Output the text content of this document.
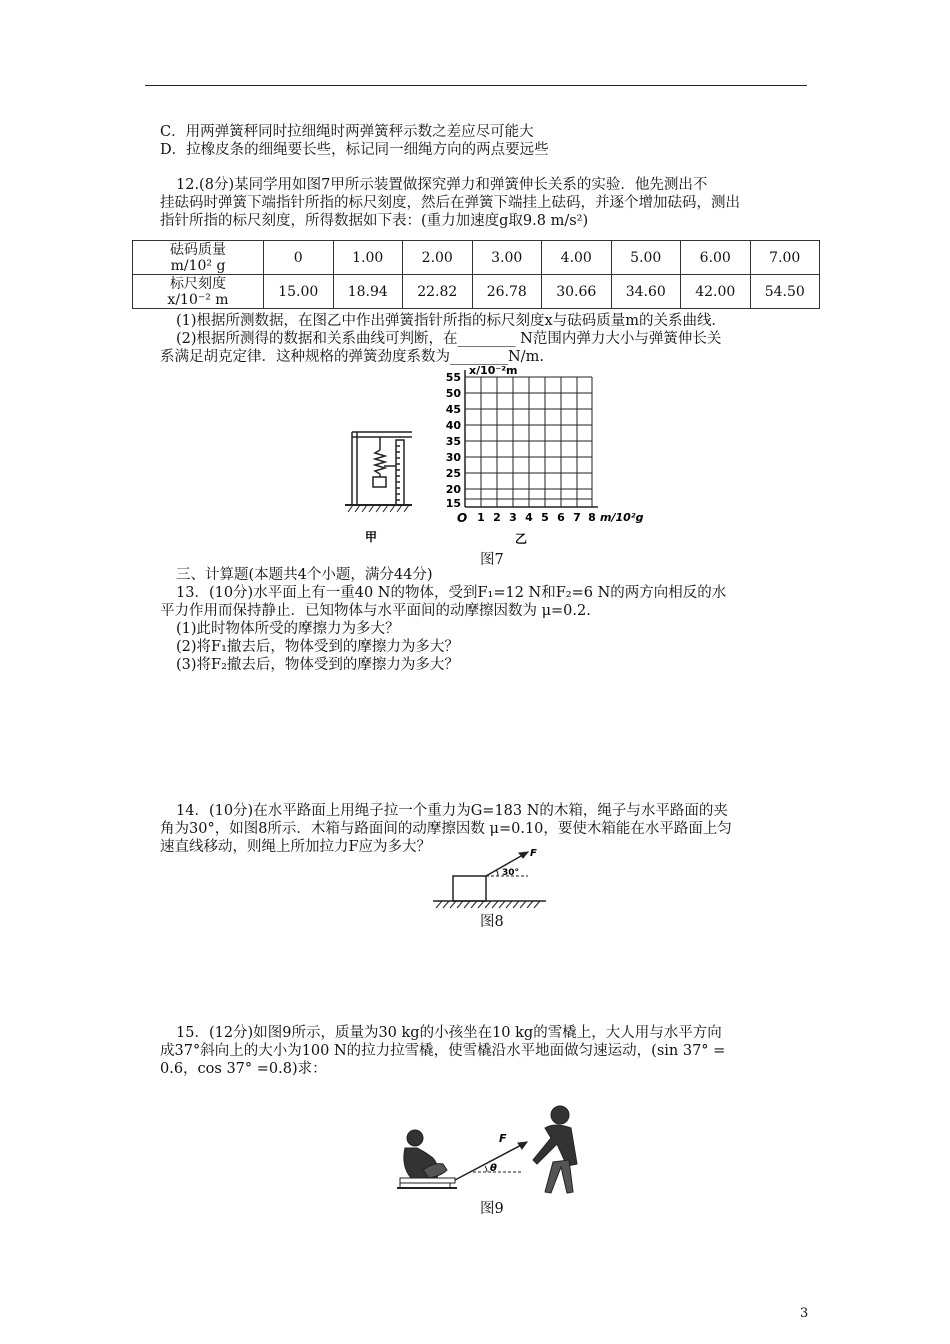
C．用两弹簧秤同时拉细绳时两弹簧秤示数之差应尽可能大
D．拉橡皮条的细绳要长些，标记同一细绳方向的两点要远些
12.(8分)某同学用如图7甲所示装置做探究弹力和弹簧伸长关系的实验．他先测出不
挂砝码时弹簧下端指针所指的标尺刻度，然后在弹簧下端挂上砝码，并逐个增加砝码，测出
指针所指的标尺刻度，所得数据如下表：(重力加速度g取9.8 m/s²)
砝码质量
m/10² g	0	1.00	2.00	3.00	4.00	5.00	6.00	7.00

标尺刻度
x/10⁻² m	15.00	18.94	22.82	26.78	30.66	34.60	42.00	54.50
(1)根据所测数据，在图乙中作出弹簧指针所指的标尺刻度x与砝码质量m的关系曲线．
(2)根据所测得的数据和关系曲线可判断，在________ N范围内弹力大小与弹簧伸长关
系满足胡克定律．这种规格的弹簧劲度系数为________N/m.
甲
x/10⁻²m
55
50
45
40
35
30
25
20
15
O 1 2 3 4 5 6 7 8 m/10²g
乙
图7
三、计算题(本题共4个小题，满分44分)
13．(10分)水平面上有一重40 N的物体，受到F₁=12 N和F₂=6 N的两方向相反的水
平力作用而保持静止．已知物体与水平面间的动摩擦因数为 μ=0.2.
(1)此时物体所受的摩擦力为多大？
(2)将F₁撤去后，物体受到的摩擦力为多大？
(3)将F₂撤去后，物体受到的摩擦力为多大？
14．(10分)在水平路面上用绳子拉一个重力为G=183 N的木箱，绳子与水平路面的夹
角为30°，如图8所示．木箱与路面间的动摩擦因数 μ=0.10，要使木箱能在水平路面上匀
速直线移动，则绳上所加拉力F应为多大？	F
30°
图8
15．(12分)如图9所示，质量为30 kg的小孩坐在10 kg的雪橇上，大人用与水平方向
成37°斜向上的大小为100 N的拉力拉雪橇，使雪橇沿水平地面做匀速运动，(sin 37° =
0.6，cos 37° =0.8)求：
F
θ
图9
3
